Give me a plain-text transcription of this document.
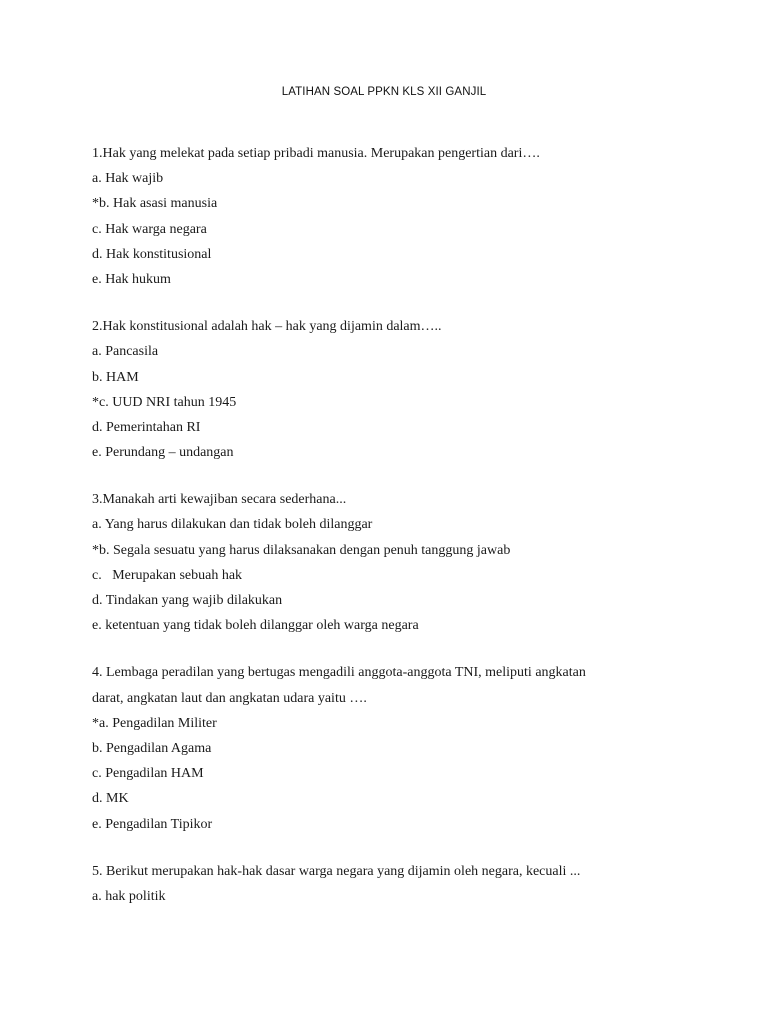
LATIHAN SOAL PPKN KLS XII GANJIL
1.Hak yang melekat pada setiap pribadi manusia. Merupakan pengertian dari….
a. Hak wajib
*b. Hak asasi manusia
c. Hak warga negara
d. Hak konstitusional
e. Hak hukum
2.Hak konstitusional adalah hak – hak yang dijamin dalam…..
a. Pancasila
b. HAM
*c. UUD NRI tahun 1945
d. Pemerintahan RI
e. Perundang – undangan
3.Manakah arti kewajiban secara sederhana...
a. Yang harus dilakukan dan tidak boleh dilanggar
*b. Segala sesuatu yang harus dilaksanakan dengan penuh tanggung jawab
c.   Merupakan sebuah hak
d. Tindakan yang wajib dilakukan
e. ketentuan yang tidak boleh dilanggar oleh warga negara
4. Lembaga peradilan yang bertugas mengadili anggota-anggota TNI, meliputi angkatan
darat, angkatan laut dan angkatan udara yaitu ….
*a. Pengadilan Militer
b. Pengadilan Agama
c. Pengadilan HAM
d. MK
e. Pengadilan Tipikor
5. Berikut merupakan hak-hak dasar warga negara yang dijamin oleh negara, kecuali ...
a. hak politik
